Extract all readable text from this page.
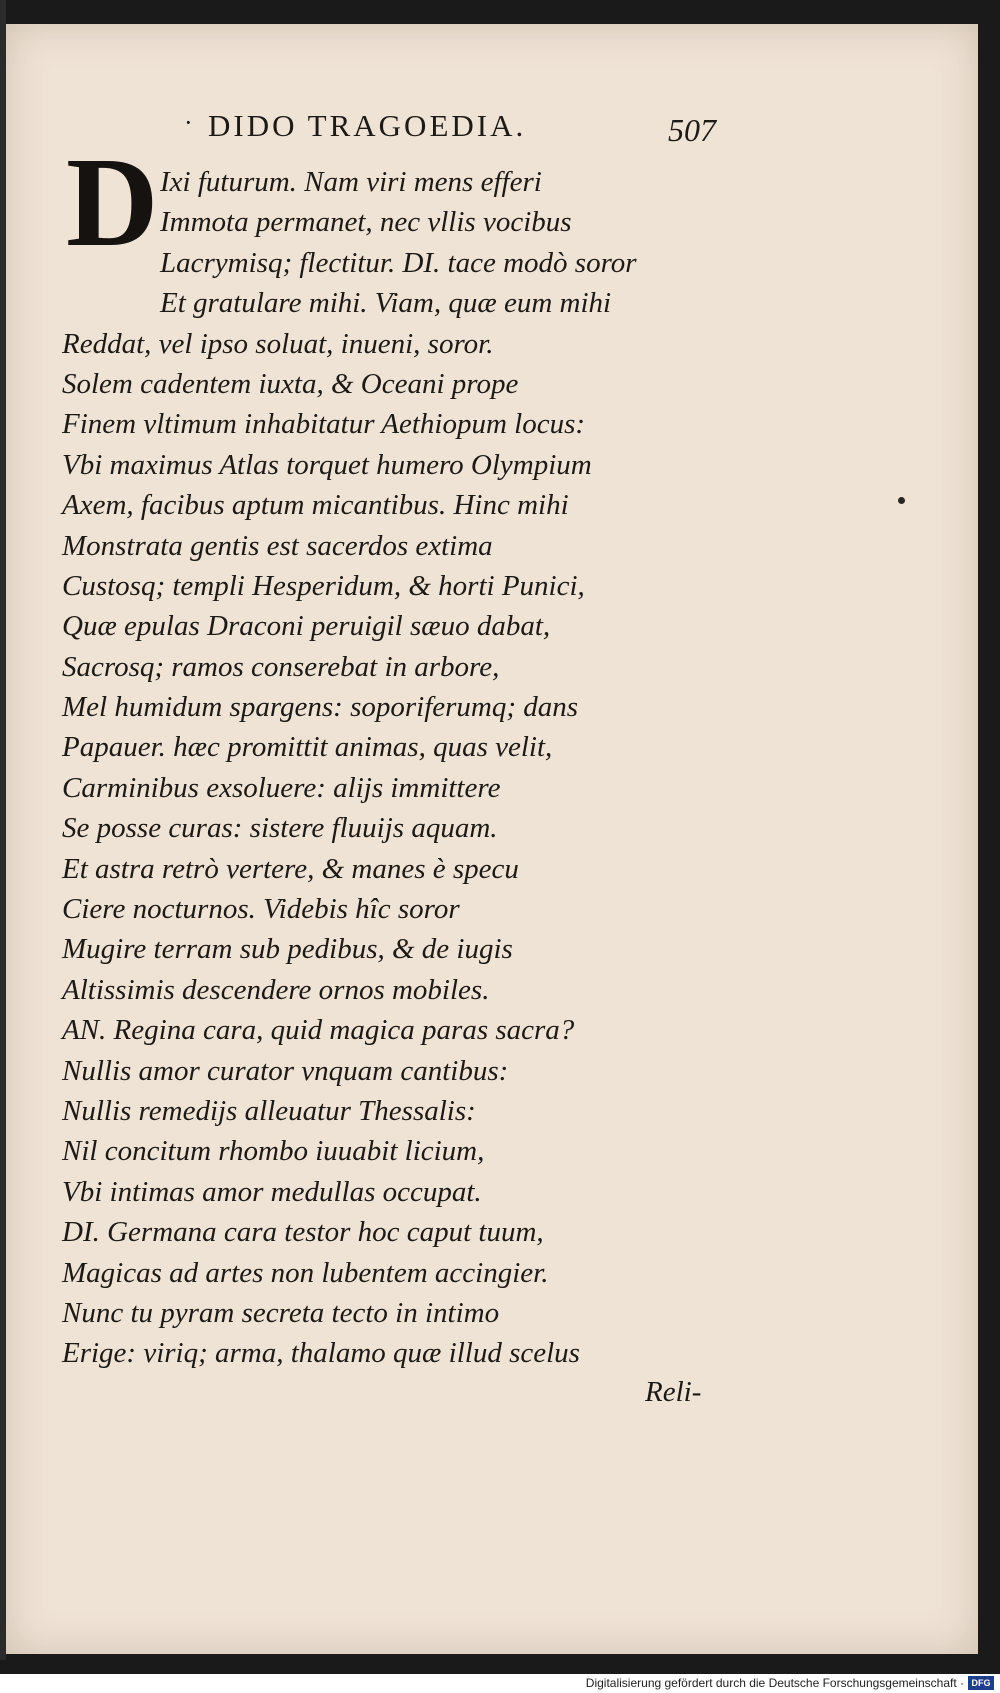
· DIDO TRAGOEDIA.	507
D Ixi futurum. Nam viri mens efferi
Immota permanet, nec vllis vocibus
Lacrymisq; flectitur. DI. tace modò soror
Et gratulare mihi. Viam, quæ eum mihi
Reddat, vel ipso soluat, inueni, soror.
Solem cadentem iuxta, & Oceani prope
Finem vltimum inhabitatur Aethiopum locus:
Vbi maximus Atlas torquet humero Olympium
Axem, facibus aptum micantibus. Hinc mihi
Monstrata gentis est sacerdos extima
Custosq; templi Hesperidum, & horti Punici,
Quæ epulas Draconi peruigil sæuo dabat,
Sacrosq; ramos conserebat in arbore,
Mel humidum spargens: soporiferumq; dans
Papauer. hæc promittit animas, quas velit,
Carminibus exsoluere: alijs immittere
Se posse curas: sistere fluuijs aquam.
Et astra retrò vertere, & manes è specu
Ciere nocturnos. Videbis hîc soror
Mugire terram sub pedibus, & de iugis
Altissimis descendere ornos mobiles.
AN. Regina cara, quid magica paras sacra?
Nullis amor curator vnquam cantibus:
Nullis remedijs alleuatur Thessalis:
Nil concitum rhombo iuuabit licium,
Vbi intimas amor medullas occupat.
DI. Germana cara testor hoc caput tuum,
Magicas ad artes non lubentem accingier.
Nunc tu pyram secreta tecto in intimo
Erige: viriq; arma, thalamo quæ illud scelus
Reli-
Digitalisierung gefördert durch die Deutsche Forschungsgemeinschaft · DFG
